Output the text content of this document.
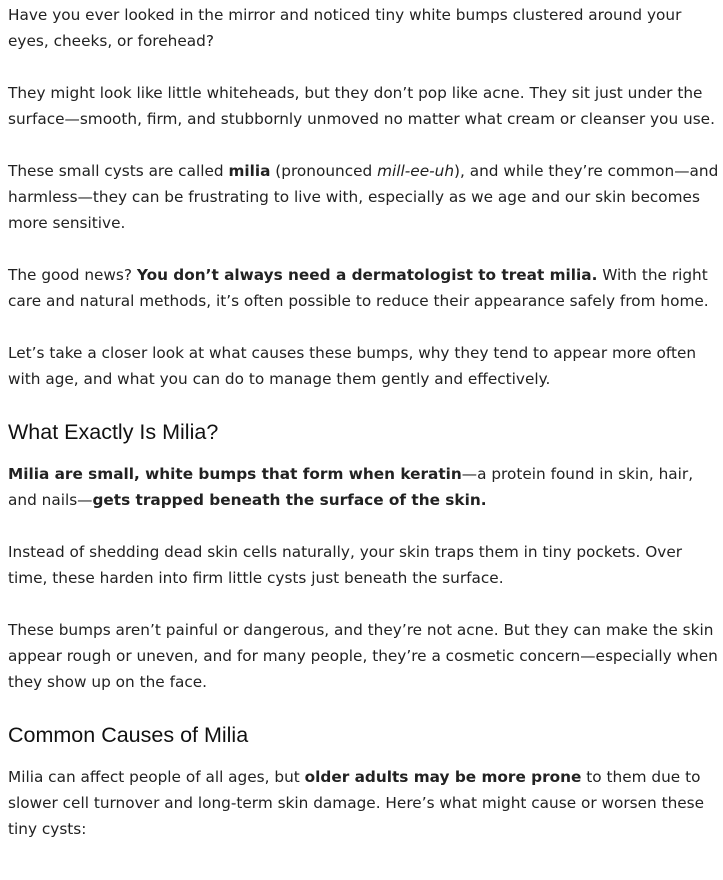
Have you ever looked in the mirror and noticed tiny white bumps clustered around your eyes, cheeks, or forehead?

They might look like little whiteheads, but they don’t pop like acne. They sit just under the surface—smooth, firm, and stubbornly unmoved no matter what cream or cleanser you use.

These small cysts are called milia (pronounced mill-ee-uh), and while they’re common—and harmless—they can be frustrating to live with, especially as we age and our skin becomes more sensitive.

The good news? You don’t always need a dermatologist to treat milia. With the right care and natural methods, it’s often possible to reduce their appearance safely from home.

Let’s take a closer look at what causes these bumps, why they tend to appear more often with age, and what you can do to manage them gently and effectively.

What Exactly Is Milia?

Milia are small, white bumps that form when keratin—a protein found in skin, hair, and nails—gets trapped beneath the surface of the skin.

Instead of shedding dead skin cells naturally, your skin traps them in tiny pockets. Over time, these harden into firm little cysts just beneath the surface.

These bumps aren’t painful or dangerous, and they’re not acne. But they can make the skin appear rough or uneven, and for many people, they’re a cosmetic concern—especially when they show up on the face.

Common Causes of Milia

Milia can affect people of all ages, but older adults may be more prone to them due to slower cell turnover and long-term skin damage. Here’s what might cause or worsen these tiny cysts:
